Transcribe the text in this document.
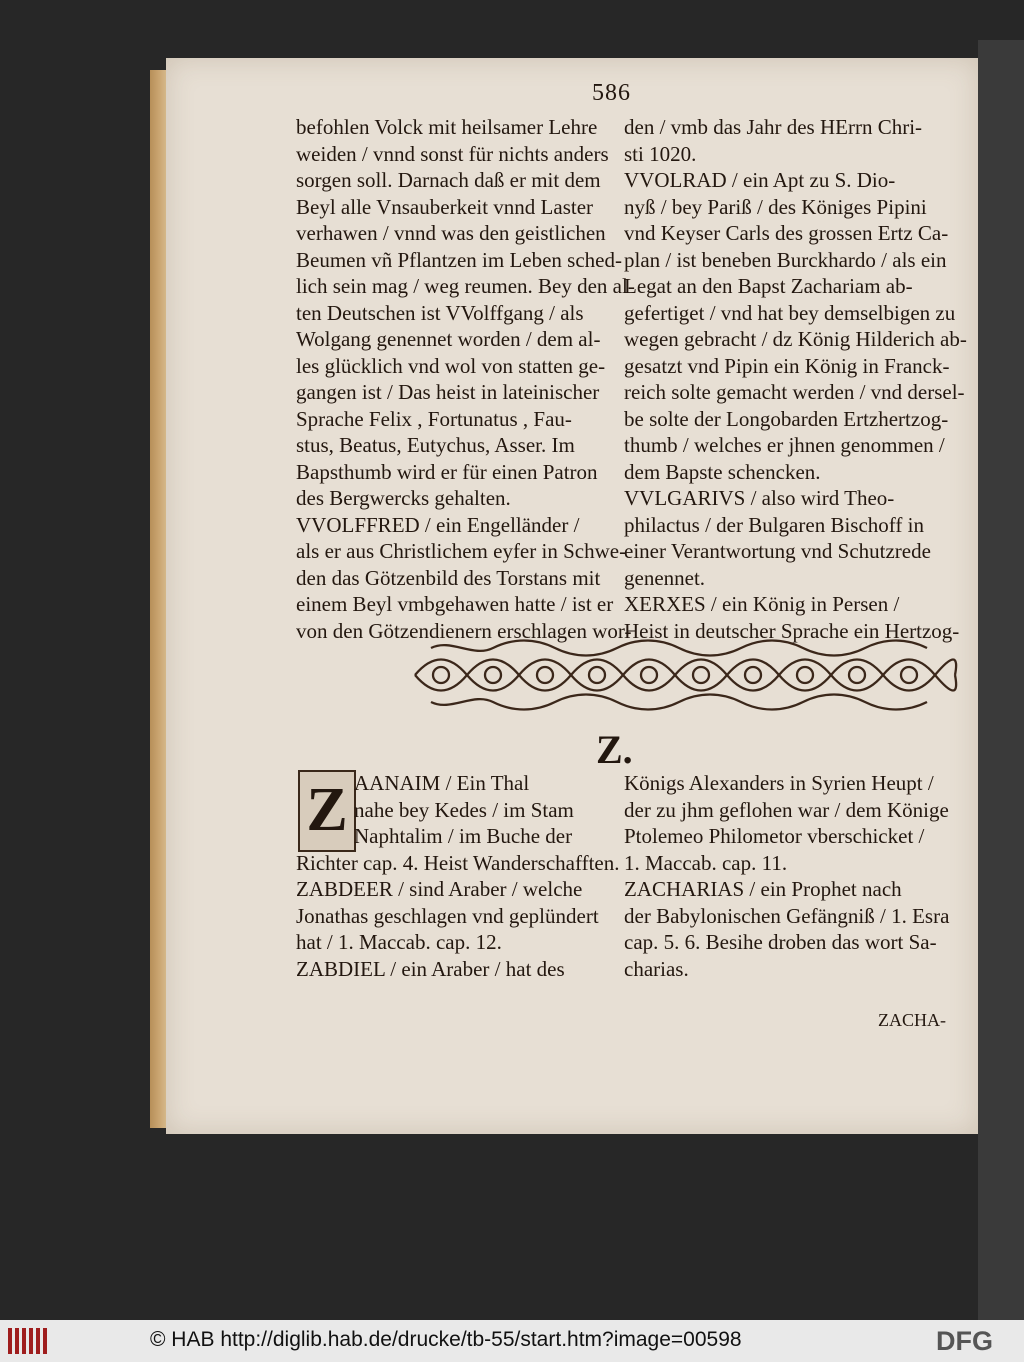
586
befohlen Volck mit heilsamer Lehre
weiden / vnnd sonst für nichts anders
sorgen soll. Darnach daß er mit dem
Beyl alle Vnsauberkeit vnnd Laster
verhawen / vnnd was den geistlichen
Beumen vñ Pflantzen im Leben sched-
lich sein mag / weg reumen. Bey den al-
ten Deutschen ist VVolffgang / als
Wolgang genennet worden / dem al-
les glücklich vnd wol von statten ge-
gangen ist / Das heist in lateinischer
Sprache Felix , Fortunatus , Fau-
stus, Beatus, Eutychus, Asser. Im
Bapsthumb wird er für einen Patron
des Bergwercks gehalten.
VVOLFFRED / ein Engelländer /
als er aus Christlichem eyfer in Schwe-
den das Götzenbild des Torstans mit
einem Beyl vmbgehawen hatte / ist er
von den Götzendienern erschlagen wor-
den / vmb das Jahr des HErrn Chri-
sti 1020.
VVOLRAD / ein Apt zu S. Dio-
nyß / bey Pariß / des Königes Pipini
vnd Keyser Carls des grossen Ertz Ca-
plan / ist beneben Burckhardo / als ein
Legat an den Bapst Zachariam ab-
gefertiget / vnd hat bey demselbigen zu
wegen gebracht / dz König Hilderich ab-
gesatzt vnd Pipin ein König in Franck-
reich solte gemacht werden / vnd dersel-
be solte der Longobarden Ertzhertzog-
thumb / welches er jhnen genommen /
dem Bapste schencken.
VVLGARIVS / also wird Theo-
philactus / der Bulgaren Bischoff in
einer Verantwortung vnd Schutzrede
genennet.
XERXES / ein König in Persen /
Heist in deutscher Sprache ein Hertzog-
Z.
Z AANAIM / Ein Thal
nahe bey Kedes / im Stam
Naphtalim / im Buche der
Richter cap. 4. Heist Wanderschafften.
ZABDEER / sind Araber / welche
Jonathas geschlagen vnd geplündert
hat / 1. Maccab. cap. 12.
ZABDIEL / ein Araber / hat des
Königs Alexanders in Syrien Heupt /
der zu jhm geflohen war / dem Könige
Ptolemeo Philometor vberschicket /
1. Maccab. cap. 11.
ZACHARIAS / ein Prophet nach
der Babylonischen Gefängniß / 1. Esra
cap. 5. 6. Besihe droben das wort Sa-
charias.
ZACHA-
© HAB http://diglib.hab.de/drucke/tb-55/start.htm?image=00598	DFG
